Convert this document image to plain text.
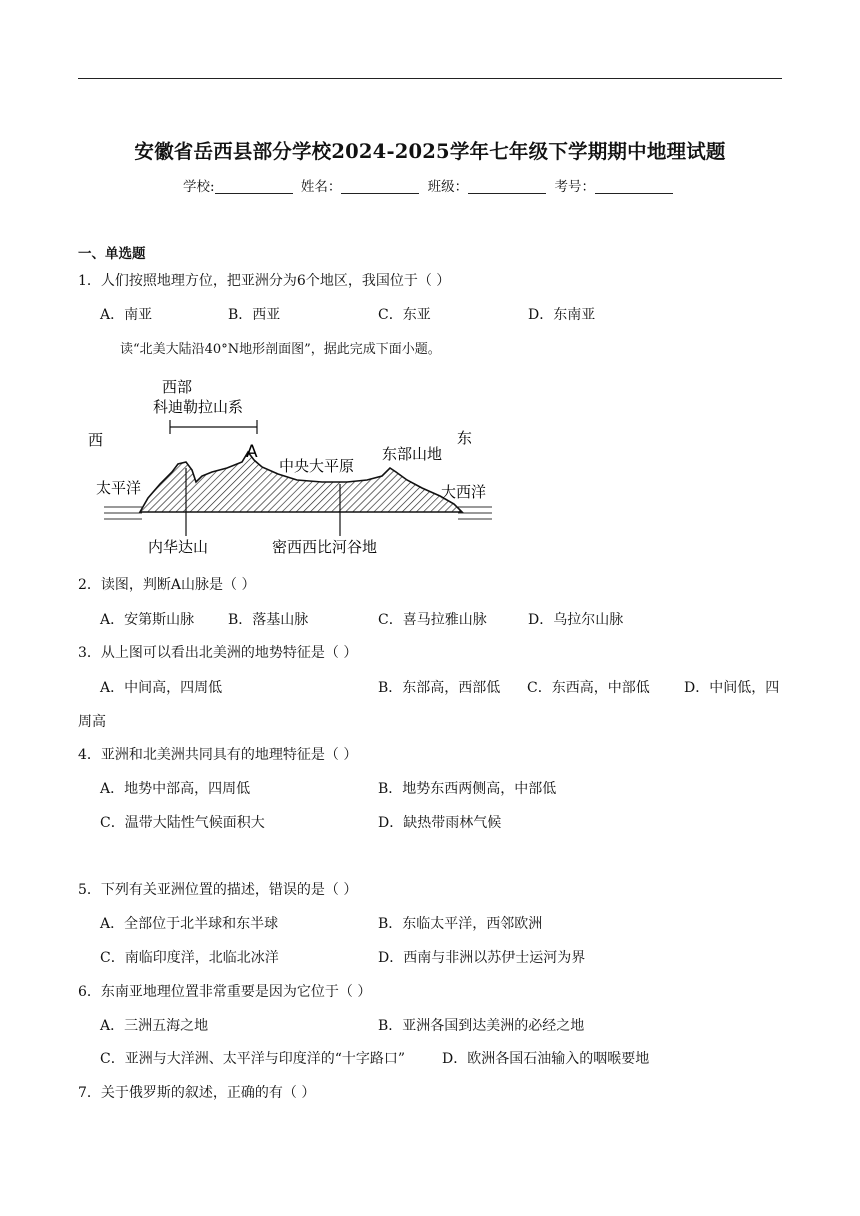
安徽省岳西县部分学校2024-2025学年七年级下学期期中地理试题
学校:	姓名：	班级：	考号：
一、单选题
1．人们按照地理方位，把亚洲分为6个地区，我国位于（ ）
A．南亚	B．西亚	C．东亚	D．东南亚
读“北美大陆沿40°N地形剖面图”，据此完成下面小题。
西部
科迪勒拉山系
西	东
A
中央大平原
东部山地
太平洋	大西洋
内华达山	密西西比河谷地
2．读图，判断A山脉是（ ）
A．安第斯山脉 B．落基山脉	C．喜马拉雅山脉	D．乌拉尔山脉
3．从上图可以看出北美洲的地势特征是（ ）
A．中间高，四周低	B．东部高，西部低 C．东西高，中部低 D．中间低，四
周高
4．亚洲和北美洲共同具有的地理特征是（ ）
A．地势中部高，四周低	B．地势东西两侧高，中部低
C．温带大陆性气候面积大	D．缺热带雨林气候
5．下列有关亚洲位置的描述，错误的是（ ）
A．全部位于北半球和东半球	B．东临太平洋，西邻欧洲
C．南临印度洋，北临北冰洋	D．西南与非洲以苏伊士运河为界
6．东南亚地理位置非常重要是因为它位于（ ）
A．三洲五海之地	B．亚洲各国到达美洲的必经之地
C．亚洲与大洋洲、太平洋与印度洋的“十字路口”	D．欧洲各国石油输入的咽喉要地
7．关于俄罗斯的叙述，正确的有（ ）
